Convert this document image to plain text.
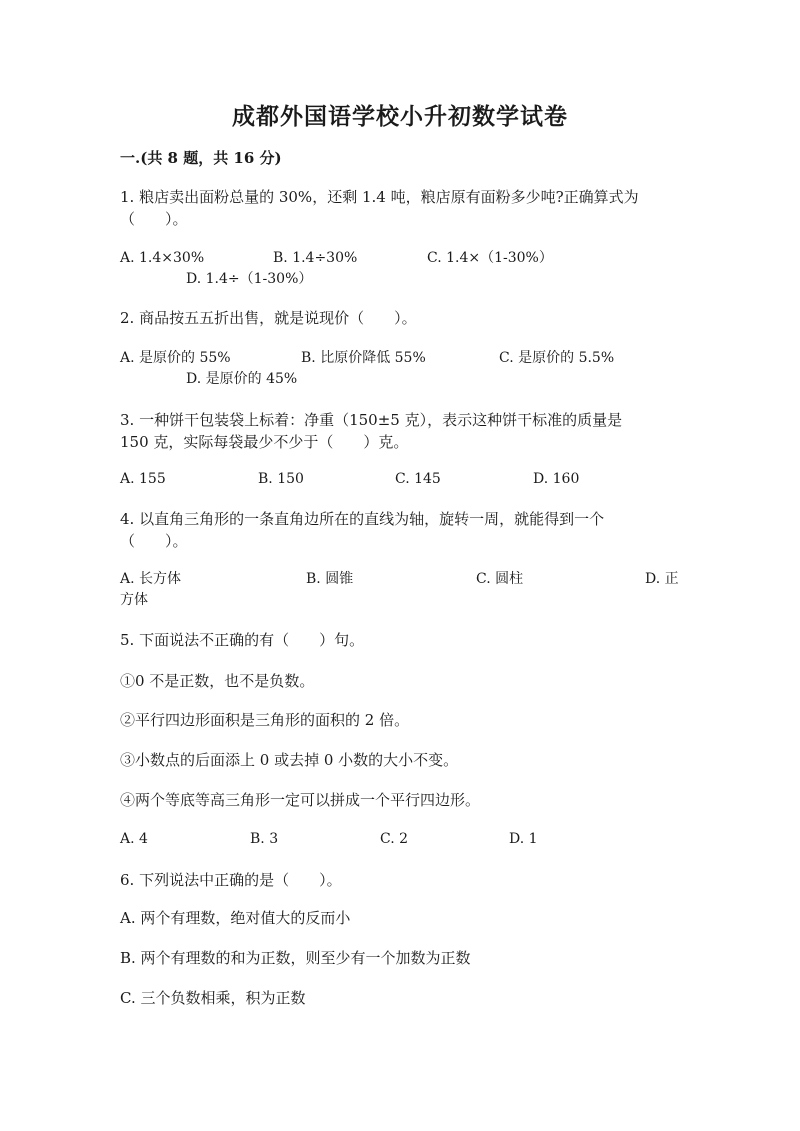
成都外国语学校小升初数学试卷
一.(共 8 题，共 16 分)
1. 粮店卖出面粉总量的 30%，还剩 1.4 吨，粮店原有面粉多少吨?正确算式为
（　　）。
A. 1.4×30%	B. 1.4÷30%	C. 1.4×（1-30%）
D. 1.4÷（1-30%）
2. 商品按五五折出售，就是说现价（　　）。
A. 是原价的 55%	B. 比原价降低 55%	C. 是原价的 5.5%
D. 是原价的 45%
3. 一种饼干包装袋上标着：净重（150±5 克），表示这种饼干标准的质量是
150 克，实际每袋最少不少于（　　）克。
A. 155	B. 150	C. 145	D. 160
4. 以直角三角形的一条直角边所在的直线为轴，旋转一周，就能得到一个
（　　）。
A. 长方体	B. 圆锥	C. 圆柱	D. 正
方体
5. 下面说法不正确的有（　　）句。
①0 不是正数，也不是负数。
②平行四边形面积是三角形的面积的 2 倍。
③小数点的后面添上 0 或去掉 0 小数的大小不变。
④两个等底等高三角形一定可以拼成一个平行四边形。
A. 4	B. 3	C. 2	D. 1
6. 下列说法中正确的是（　　）。
A. 两个有理数，绝对值大的反而小
B. 两个有理数的和为正数，则至少有一个加数为正数
C. 三个负数相乘，积为正数
